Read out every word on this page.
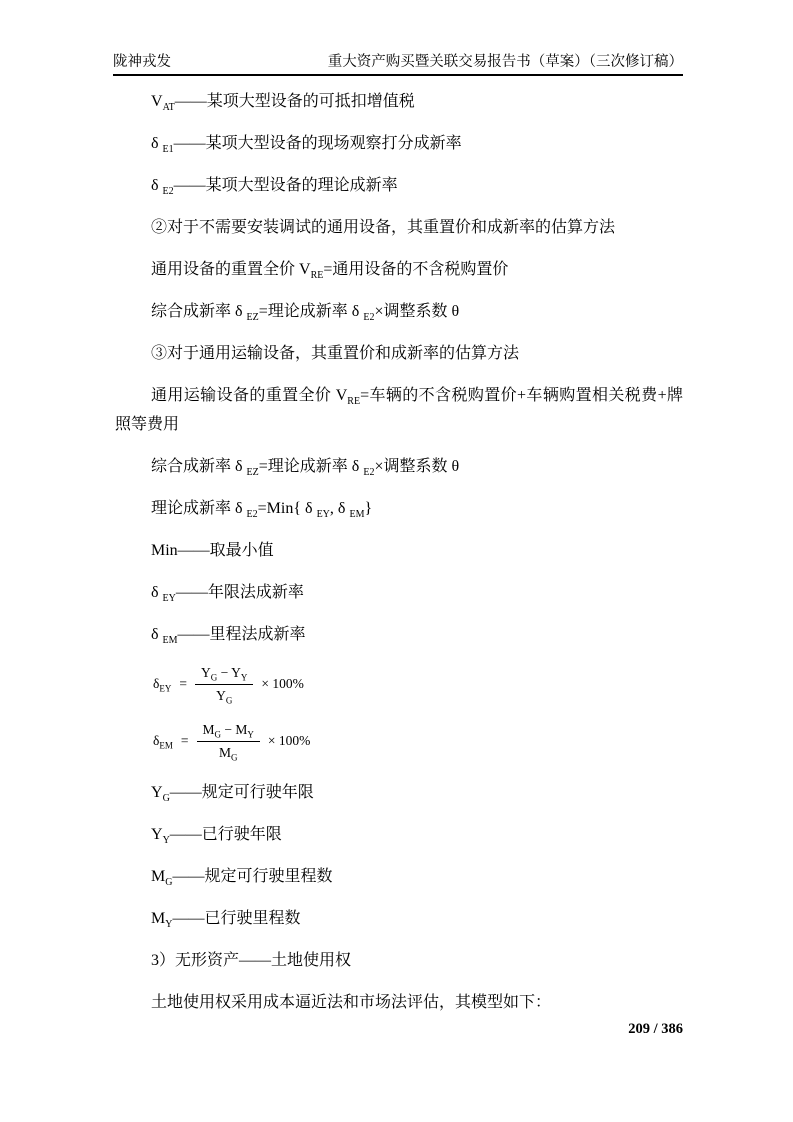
陇神戎发	重大资产购买暨关联交易报告书（草案）（三次修订稿）

$V_{AT}——$某项大型设备的可抵扣增值税

δ $_{E1}$——某项大型设备的现场观察打分成新率

δ $_{E2}$——某项大型设备的理论成新率

②对于不需要安装调试的通用设备，其重置价和成新率的估算方法

通用设备的重置全价 $V_{RE}=$通用设备的不含税购置价

综合成新率 δ $_{EZ}$=理论成新率 δ $_{E2}$×调整系数 θ

③对于通用运输设备，其重置价和成新率的估算方法

通用运输设备的重置全价 $V_{RE}=$车辆的不含税购置价+车辆购置相关税费+牌照等费用

综合成新率 δ $_{EZ}$=理论成新率 δ $_{E2}$×调整系数 θ

理论成新率 δ $_{E2}$=Min{ δ $_{EY}$, δ $_{EM}$}

Min——取最小值

δ $_{EY}$——年限法成新率

δ $_{EM}$——里程法成新率

$\delta_{EY} = \frac{Y_G - Y_Y}{Y_G} \times 100\%$
$\delta_{EM} = \frac{M_G - M_Y}{M_G} \times 100\%$

$Y_G——$规定可行驶年限

$Y_Y——$已行驶年限

$M_G——$规定可行驶里程数

$M_Y——$已行驶里程数

3）无形资产——土地使用权

土地使用权采用成本逼近法和市场法评估，其模型如下：

209 / 386
